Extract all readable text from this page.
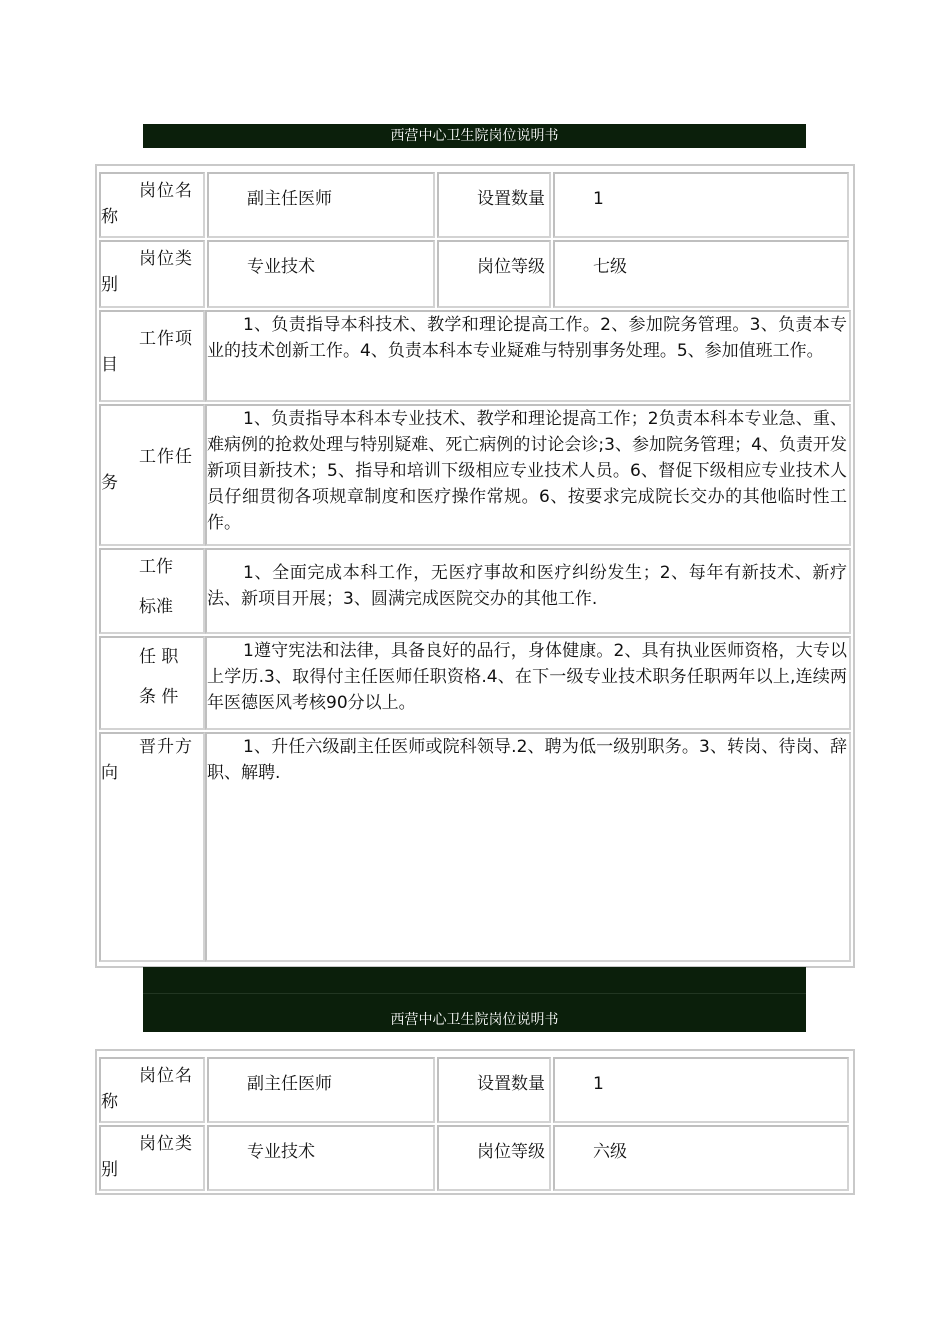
西营中心卫生院岗位说明书
岗位名
称
副主任医师	设置数量	1
岗位类
别
专业技术	岗位等级	七级
工作项
目

1、负责指导本科技术、教学和理论提高工作。2、参加院务管理。3、负责本专业的技术创新工作。4、负责本科本专业疑难与特别事务处理。5、参加值班工作。

工作任
务

1、负责指导本科本专业技术、教学和理论提高工作；2负责本科本专业急、重、难病例的抢救处理与特别疑难、死亡病例的讨论会诊;3、参加院务管理；4、负责开发新项目新技术；5、指导和培训下级相应专业技术人员。6、督促下级相应专业技术人员仔细贯彻各项规章制度和医疗操作常规。6、按要求完成院长交办的其他临时性工作。

工作
标准

1、全面完成本科工作，无医疗事故和医疗纠纷发生；2、每年有新技术、新疗法、新项目开展；3、圆满完成医院交办的其他工作.

任 职
条 件

1遵守宪法和法律，具备良好的品行，身体健康。2、具有执业医师资格，大专以上学历.3、取得付主任医师任职资格.4、在下一级专业技术职务任职两年以上,连续两年医德医风考核90分以上。

晋升方
向

1、升任六级副主任医师或院科领导.2、聘为低一级别职务。3、转岗、待岗、辞职、解聘.

西营中心卫生院岗位说明书
岗位名
称
副主任医师	设置数量	1
岗位类
别
专业技术	岗位等级	六级
